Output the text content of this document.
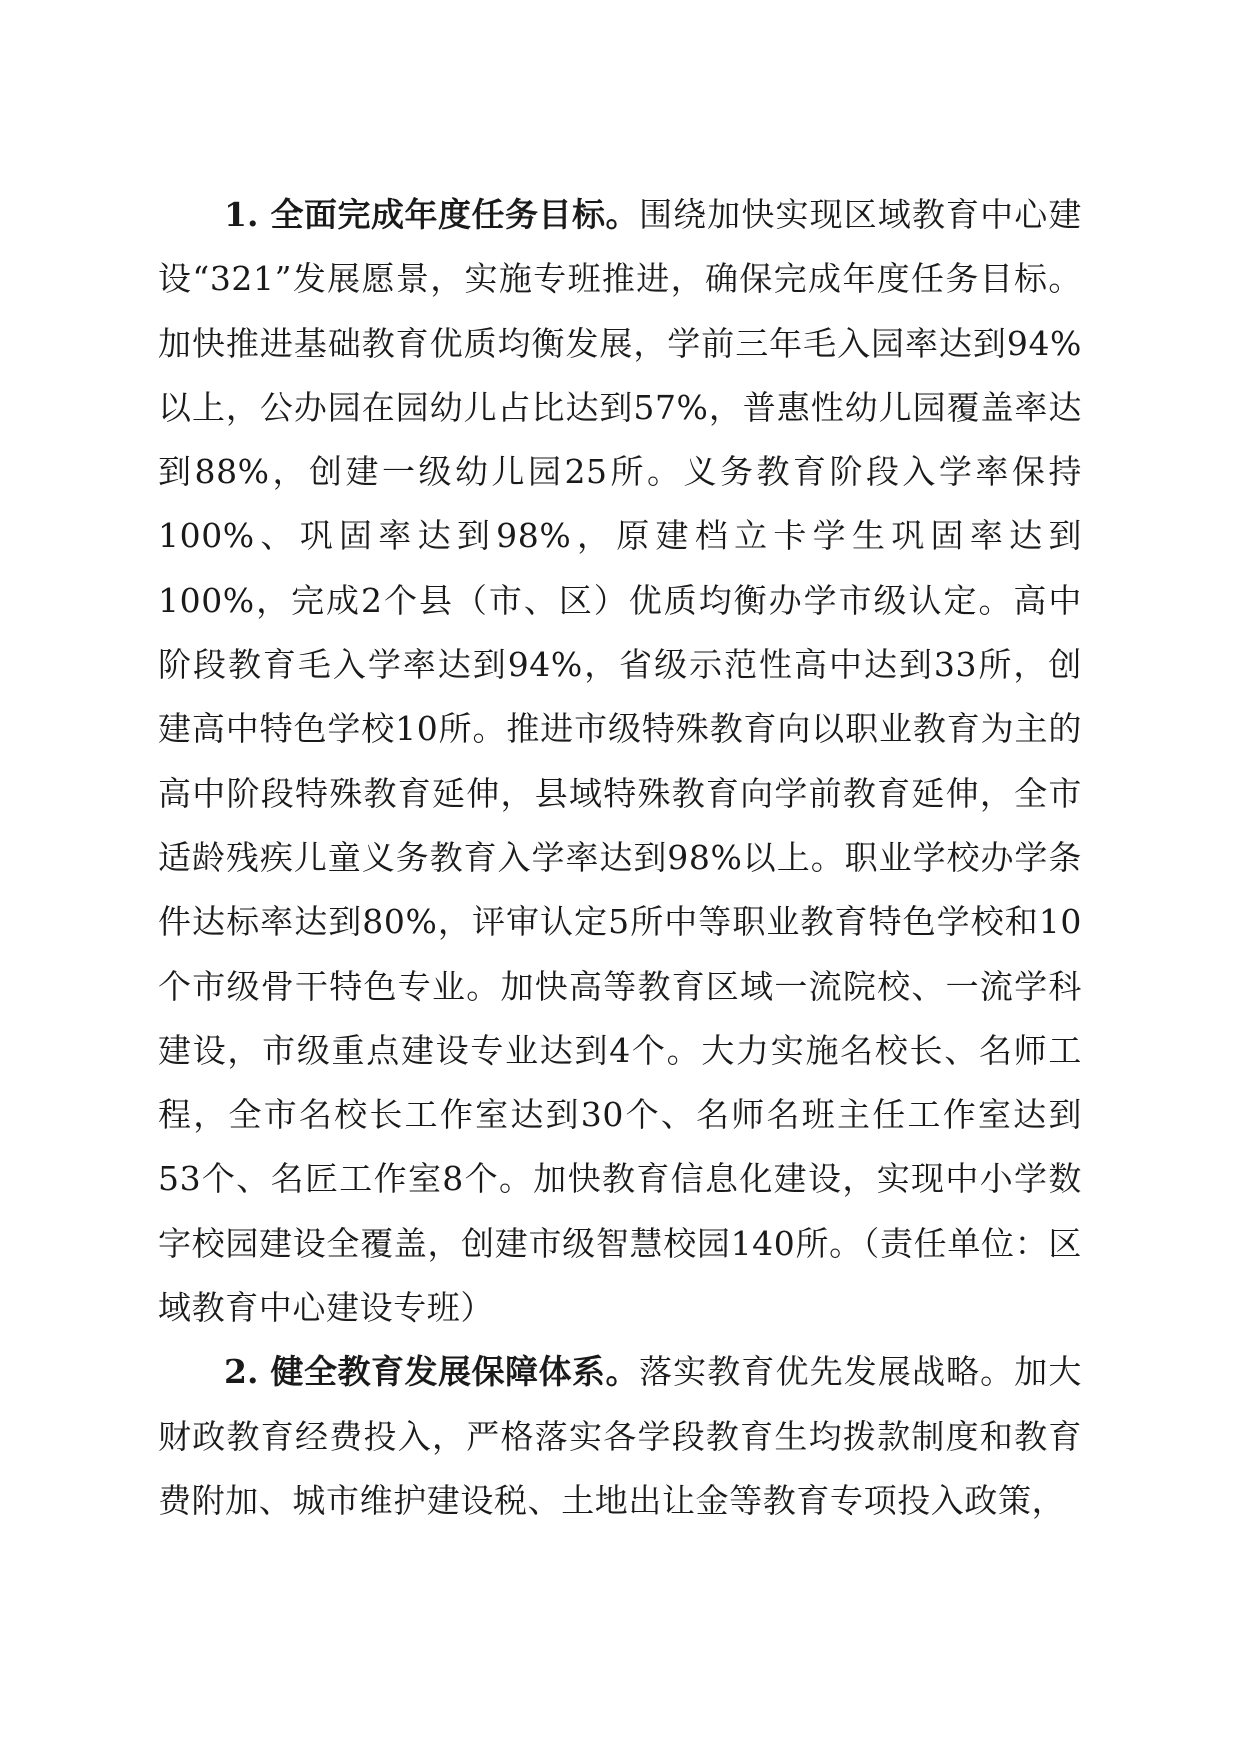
1. 全面完成年度任务目标。围绕加快实现区域教育中心建设“321”发展愿景，实施专班推进，确保完成年度任务目标。加快推进基础教育优质均衡发展，学前三年毛入园率达到94%以上，公办园在园幼儿占比达到57%，普惠性幼儿园覆盖率达到88%，创建一级幼儿园25所。义务教育阶段入学率保持100%、巩固率达到98%，原建档立卡学生巩固率达到100%，完成2个县（市、区）优质均衡办学市级认定。高中阶段教育毛入学率达到94%，省级示范性高中达到33所，创建高中特色学校10所。推进市级特殊教育向以职业教育为主的高中阶段特殊教育延伸，县域特殊教育向学前教育延伸，全市适龄残疾儿童义务教育入学率达到98%以上。职业学校办学条件达标率达到80%，评审认定5所中等职业教育特色学校和10个市级骨干特色专业。加快高等教育区域一流院校、一流学科建设，市级重点建设专业达到4个。大力实施名校长、名师工程，全市名校长工作室达到30个、名师名班主任工作室达到53个、名匠工作室8个。加快教育信息化建设，实现中小学数字校园建设全覆盖，创建市级智慧校园140所。（责任单位：区域教育中心建设专班）

2. 健全教育发展保障体系。落实教育优先发展战略。加大财政教育经费投入，严格落实各学段教育生均拨款制度和教育费附加、城市维护建设税、土地出让金等教育专项投入政策，
